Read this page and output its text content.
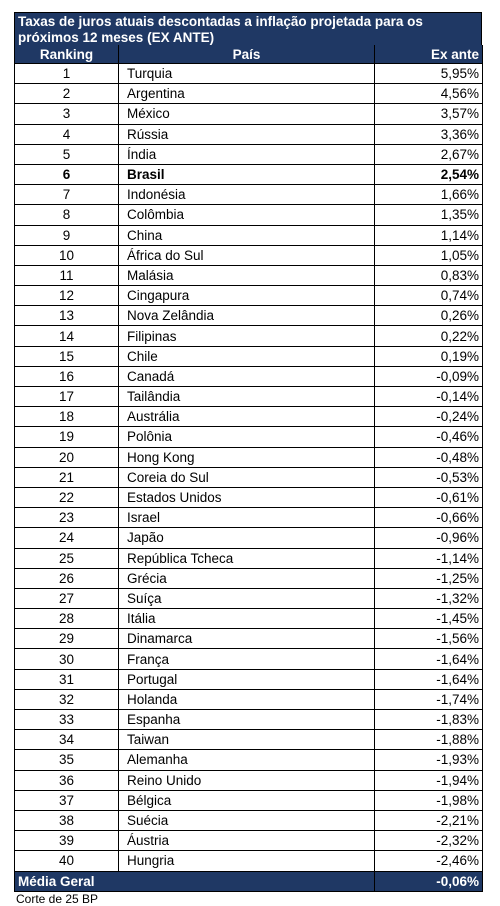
Taxas de juros atuais descontadas a inflação projetada para os próximos 12 meses (EX ANTE)
Ranking	País	Ex ante
1	Turquia	5,95%
2	Argentina	4,56%
3	México	3,57%
4	Rússia	3,36%
5	Índia	2,67%
6	Brasil	2,54%
7	Indonésia	1,66%
8	Colômbia	1,35%
9	China	1,14%
10	África do Sul	1,05%
11	Malásia	0,83%
12	Cingapura	0,74%
13	Nova Zelândia	0,26%
14	Filipinas	0,22%
15	Chile	0,19%
16	Canadá	-0,09%
17	Tailândia	-0,14%
18	Austrália	-0,24%
19	Polônia	-0,46%
20	Hong Kong	-0,48%
21	Coreia do Sul	-0,53%
22	Estados Unidos	-0,61%
23	Israel	-0,66%
24	Japão	-0,96%
25	República Tcheca	-1,14%
26	Grécia	-1,25%
27	Suíça	-1,32%
28	Itália	-1,45%
29	Dinamarca	-1,56%
30	França	-1,64%
31	Portugal	-1,64%
32	Holanda	-1,74%
33	Espanha	-1,83%
34	Taiwan	-1,88%
35	Alemanha	-1,93%
36	Reino Unido	-1,94%
37	Bélgica	-1,98%
38	Suécia	-2,21%
39	Áustria	-2,32%
40	Hungria	-2,46%
Média Geral		-0,06%
Corte de 25 BP
